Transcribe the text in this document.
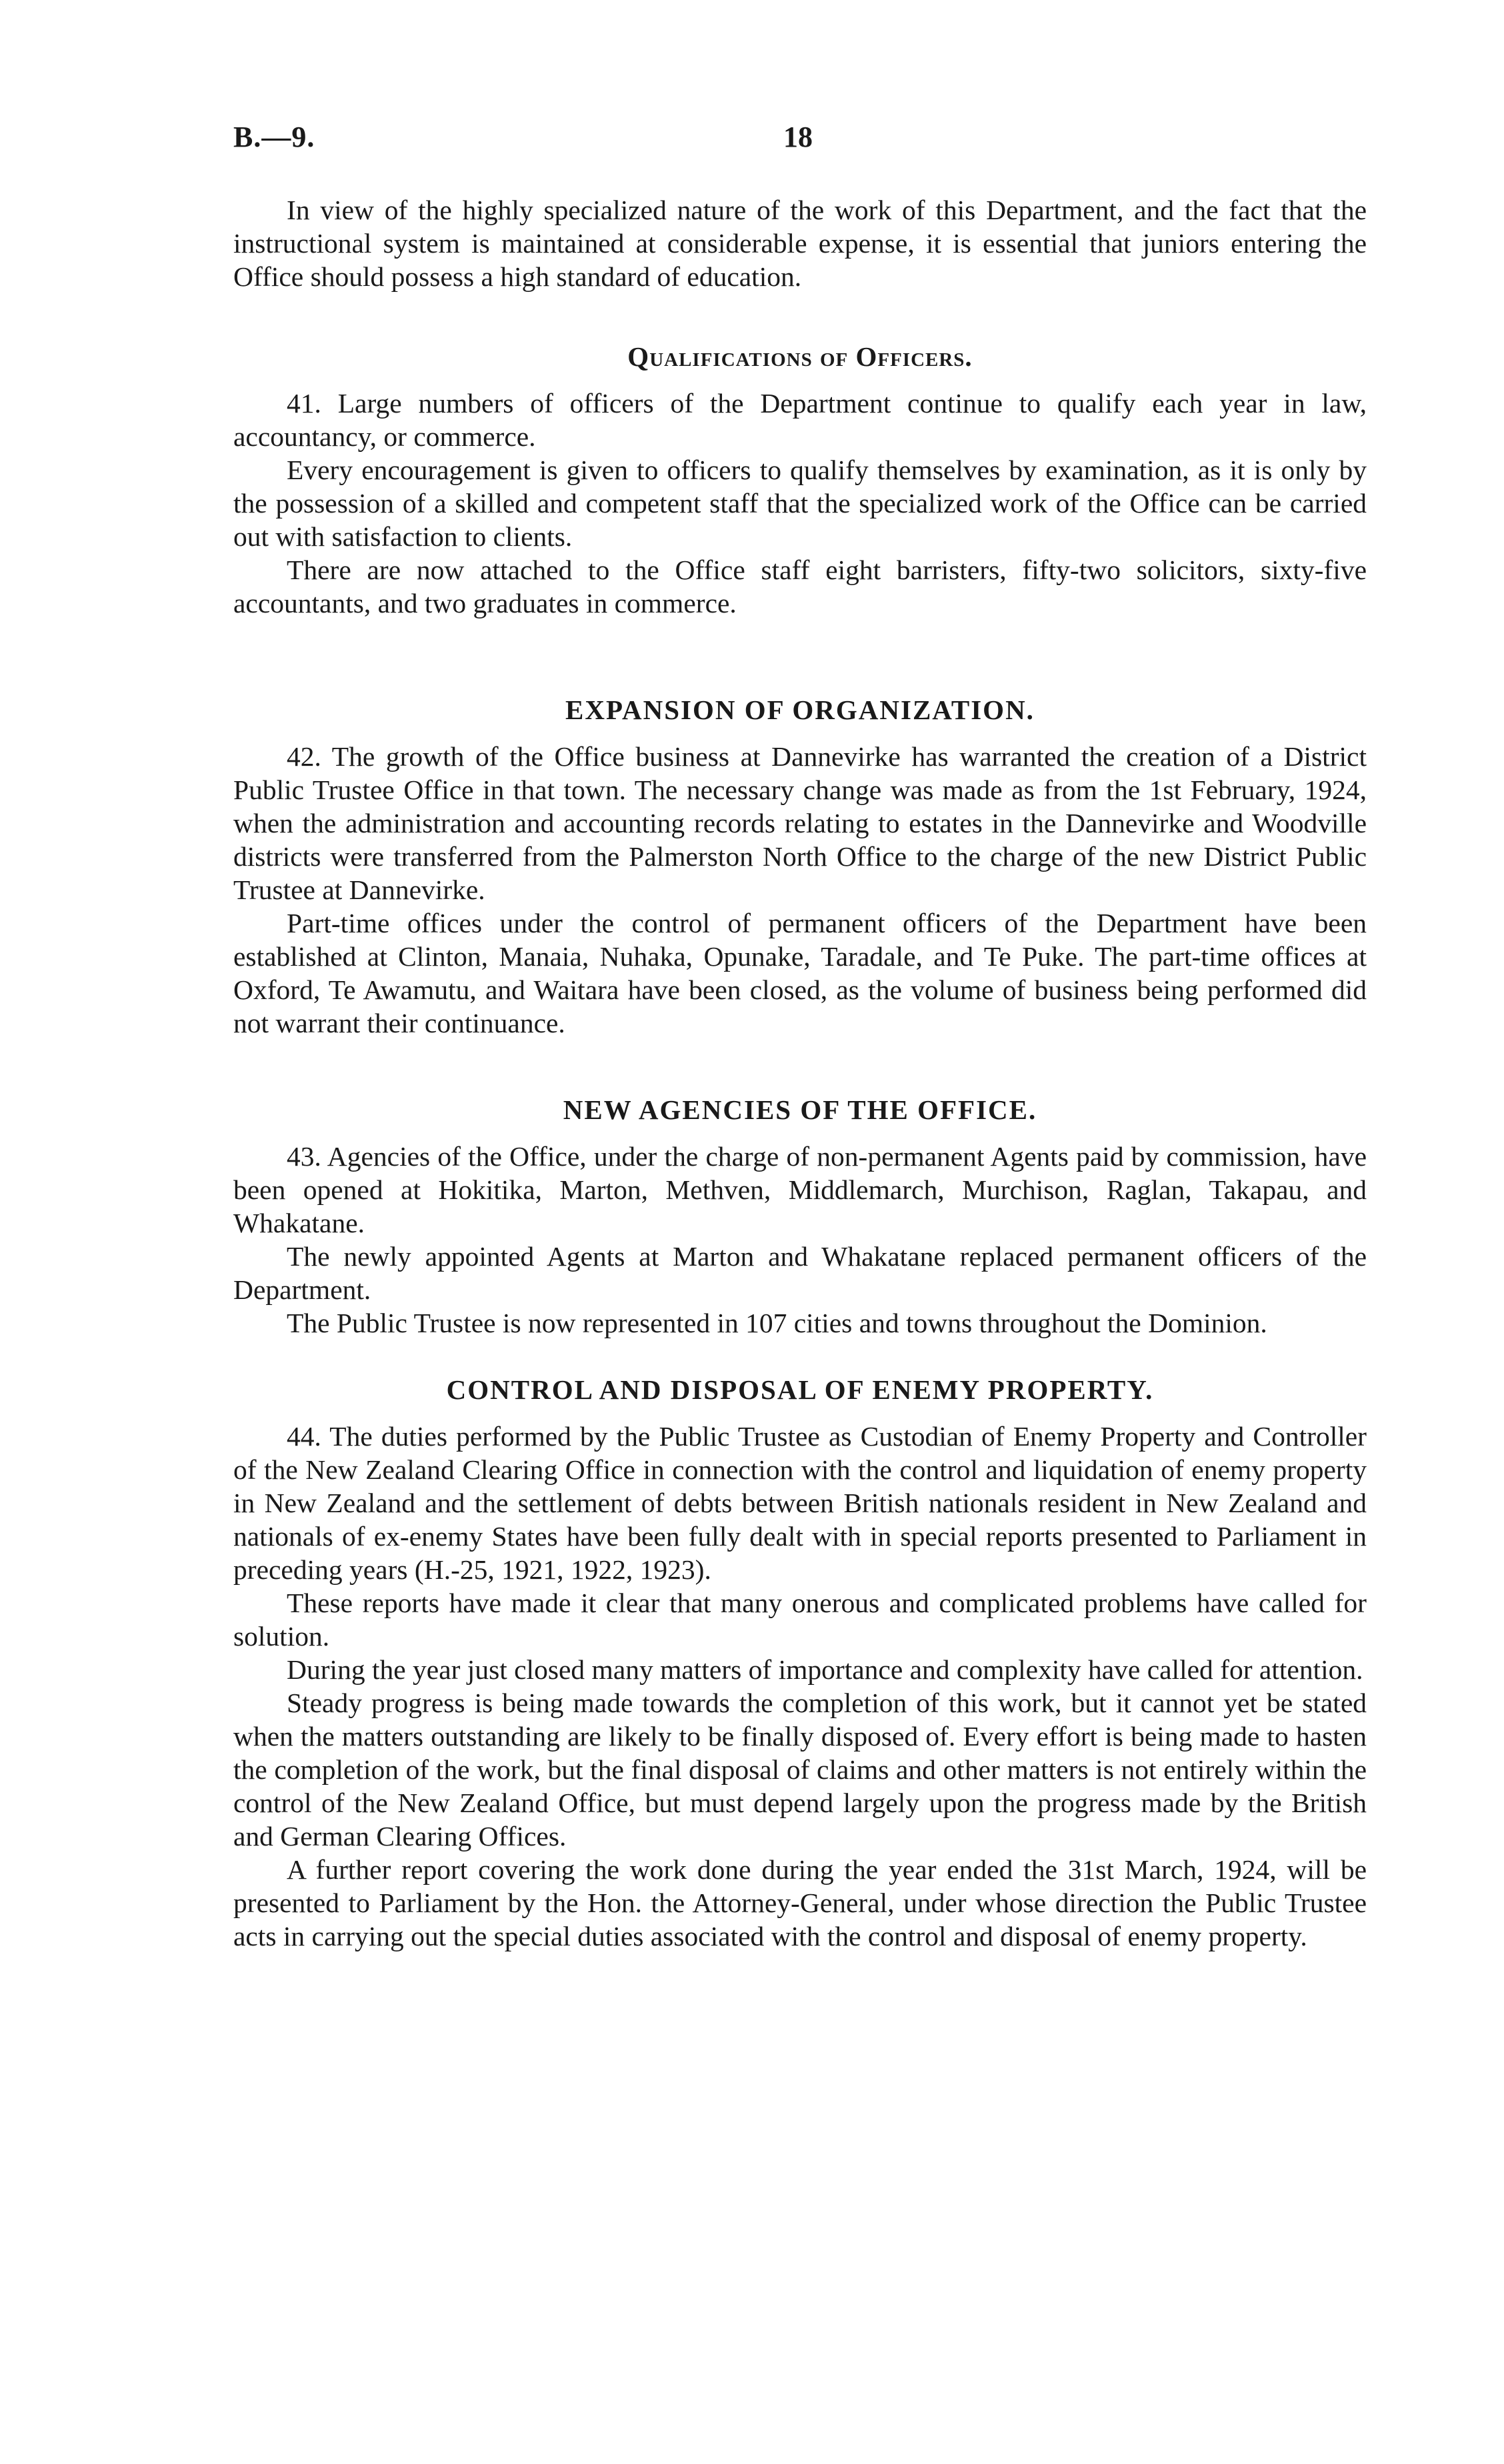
B.—9.	18

In view of the highly specialized nature of the work of this Department, and the fact that the instructional system is maintained at considerable expense, it is essential that juniors entering the Office should possess a high standard of education.

Qualifications of Officers.

41. Large numbers of officers of the Department continue to qualify each year in law, accountancy, or commerce.

Every encouragement is given to officers to qualify themselves by examination, as it is only by the possession of a skilled and competent staff that the specialized work of the Office can be carried out with satisfaction to clients.

There are now attached to the Office staff eight barristers, fifty-two solicitors, sixty-five accountants, and two graduates in commerce.

EXPANSION OF ORGANIZATION.

42. The growth of the Office business at Dannevirke has warranted the creation of a District Public Trustee Office in that town. The necessary change was made as from the 1st February, 1924, when the administration and accounting records relating to estates in the Dannevirke and Woodville districts were transferred from the Palmerston North Office to the charge of the new District Public Trustee at Dannevirke.

Part-time offices under the control of permanent officers of the Department have been established at Clinton, Manaia, Nuhaka, Opunake, Taradale, and Te Puke. The part-time offices at Oxford, Te Awamutu, and Waitara have been closed, as the volume of business being performed did not warrant their continuance.

NEW AGENCIES OF THE OFFICE.

43. Agencies of the Office, under the charge of non-permanent Agents paid by commission, have been opened at Hokitika, Marton, Methven, Middlemarch, Murchison, Raglan, Takapau, and Whakatane.

The newly appointed Agents at Marton and Whakatane replaced permanent officers of the Department.

The Public Trustee is now represented in 107 cities and towns throughout the Dominion.

CONTROL AND DISPOSAL OF ENEMY PROPERTY.

44. The duties performed by the Public Trustee as Custodian of Enemy Property and Controller of the New Zealand Clearing Office in connection with the control and liquidation of enemy property in New Zealand and the settlement of debts between British nationals resident in New Zealand and nationals of ex-enemy States have been fully dealt with in special reports presented to Parliament in preceding years (H.-25, 1921, 1922, 1923).

These reports have made it clear that many onerous and complicated problems have called for solution.

During the year just closed many matters of importance and complexity have called for attention.

Steady progress is being made towards the completion of this work, but it cannot yet be stated when the matters outstanding are likely to be finally disposed of. Every effort is being made to hasten the completion of the work, but the final disposal of claims and other matters is not entirely within the control of the New Zealand Office, but must depend largely upon the progress made by the British and German Clearing Offices.

A further report covering the work done during the year ended the 31st March, 1924, will be presented to Parliament by the Hon. the Attorney-General, under whose direction the Public Trustee acts in carrying out the special duties associated with the control and disposal of enemy property.
